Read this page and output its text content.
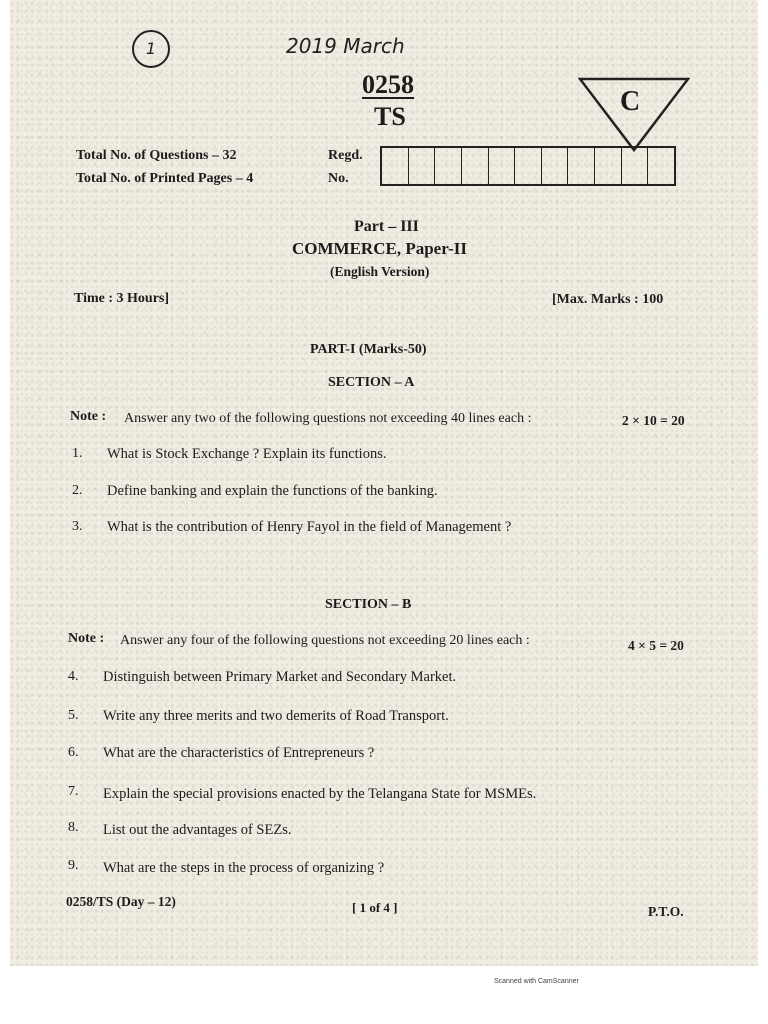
1	2019 March
0258
TS	C
Total No. of Questions – 32
Total No. of Printed Pages – 4
Regd.
No.
Part – III
COMMERCE, Paper-II
(English Version)
Time : 3 Hours]	[Max. Marks : 100
PART-I (Marks-50)
SECTION – A
Note : Answer any two of the following questions not exceeding 40 lines each :	2 × 10 = 20
1. What is Stock Exchange ? Explain its functions.
2. Define banking and explain the functions of the banking.
3. What is the contribution of Henry Fayol in the field of Management ?
SECTION – B
Note : Answer any four of the following questions not exceeding 20 lines each :	4 × 5 = 20
4. Distinguish between Primary Market and Secondary Market.
5. Write any three merits and two demerits of Road Transport.
6. What are the characteristics of Entrepreneurs ?
7. Explain the special provisions enacted by the Telangana State for MSMEs.
8. List out the advantages of SEZs.
9. What are the steps in the process of organizing ?
0258/TS (Day – 12)	[ 1 of 4 ]	P.T.O.
Scanned with CamScanner
